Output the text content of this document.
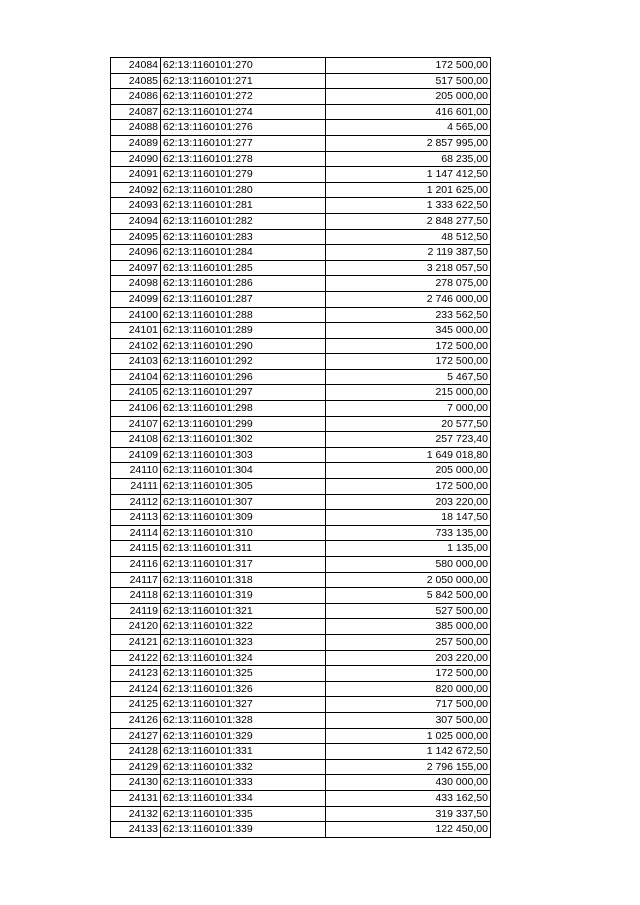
24084	62:13:1160101:270	172 500,00
24085	62:13:1160101:271	517 500,00
24086	62:13:1160101:272	205 000,00
24087	62:13:1160101:274	416 601,00
24088	62:13:1160101:276	4 565,00
24089	62:13:1160101:277	2 857 995,00
24090	62:13:1160101:278	68 235,00
24091	62:13:1160101:279	1 147 412,50
24092	62:13:1160101:280	1 201 625,00
24093	62:13:1160101:281	1 333 622,50
24094	62:13:1160101:282	2 848 277,50
24095	62:13:1160101:283	48 512,50
24096	62:13:1160101:284	2 119 387,50
24097	62:13:1160101:285	3 218 057,50
24098	62:13:1160101:286	278 075,00
24099	62:13:1160101:287	2 746 000,00
24100	62:13:1160101:288	233 562,50
24101	62:13:1160101:289	345 000,00
24102	62:13:1160101:290	172 500,00
24103	62:13:1160101:292	172 500,00
24104	62:13:1160101:296	5 467,50
24105	62:13:1160101:297	215 000,00
24106	62:13:1160101:298	7 000,00
24107	62:13:1160101:299	20 577,50
24108	62:13:1160101:302	257 723,40
24109	62:13:1160101:303	1 649 018,80
24110	62:13:1160101:304	205 000,00
24111	62:13:1160101:305	172 500,00
24112	62:13:1160101:307	203 220,00
24113	62:13:1160101:309	18 147,50
24114	62:13:1160101:310	733 135,00
24115	62:13:1160101:311	1 135,00
24116	62:13:1160101:317	580 000,00
24117	62:13:1160101:318	2 050 000,00
24118	62:13:1160101:319	5 842 500,00
24119	62:13:1160101:321	527 500,00
24120	62:13:1160101:322	385 000,00
24121	62:13:1160101:323	257 500,00
24122	62:13:1160101:324	203 220,00
24123	62:13:1160101:325	172 500,00
24124	62:13:1160101:326	820 000,00
24125	62:13:1160101:327	717 500,00
24126	62:13:1160101:328	307 500,00
24127	62:13:1160101:329	1 025 000,00
24128	62:13:1160101:331	1 142 672,50
24129	62:13:1160101:332	2 796 155,00
24130	62:13:1160101:333	430 000,00
24131	62:13:1160101:334	433 162,50
24132	62:13:1160101:335	319 337,50
24133	62:13:1160101:339	122 450,00
